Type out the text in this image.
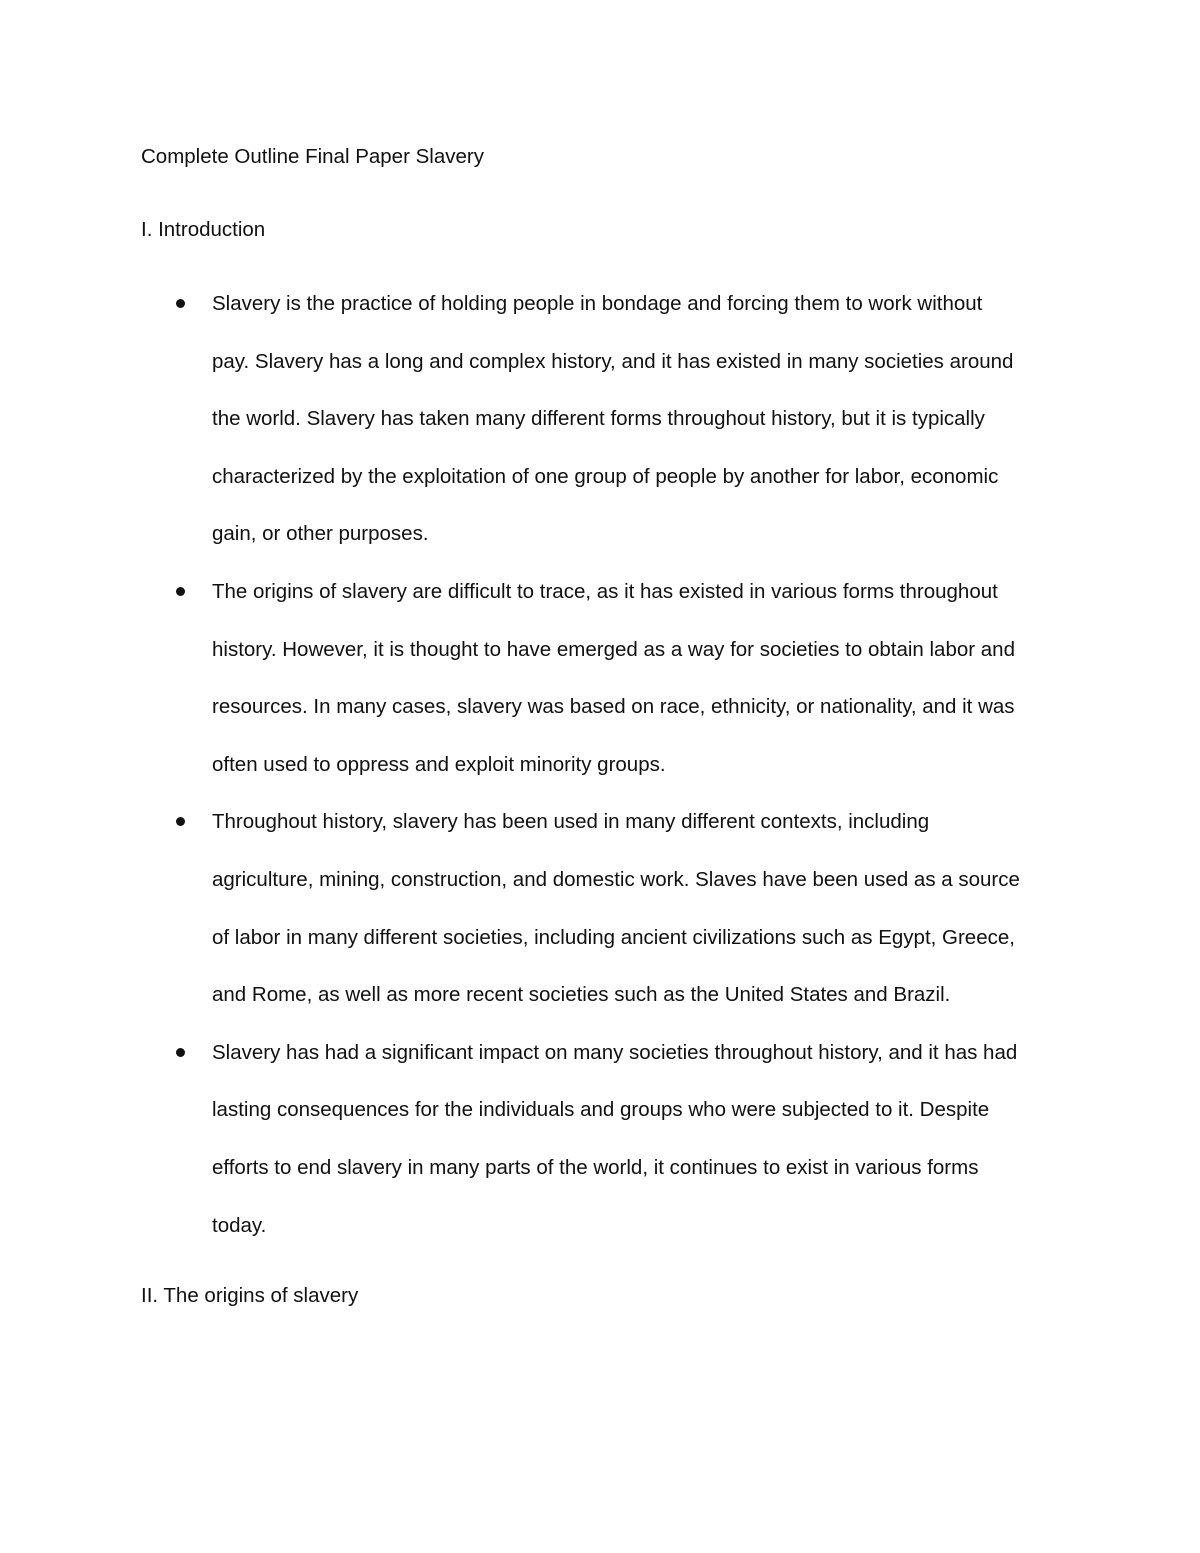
Complete Outline Final Paper Slavery
I. Introduction
Slavery is the practice of holding people in bondage and forcing them to work without
pay. Slavery has a long and complex history, and it has existed in many societies around
the world. Slavery has taken many different forms throughout history, but it is typically
characterized by the exploitation of one group of people by another for labor, economic
gain, or other purposes.
The origins of slavery are difficult to trace, as it has existed in various forms throughout
history. However, it is thought to have emerged as a way for societies to obtain labor and
resources. In many cases, slavery was based on race, ethnicity, or nationality, and it was
often used to oppress and exploit minority groups.
Throughout history, slavery has been used in many different contexts, including
agriculture, mining, construction, and domestic work. Slaves have been used as a source
of labor in many different societies, including ancient civilizations such as Egypt, Greece,
and Rome, as well as more recent societies such as the United States and Brazil.
Slavery has had a significant impact on many societies throughout history, and it has had
lasting consequences for the individuals and groups who were subjected to it. Despite
efforts to end slavery in many parts of the world, it continues to exist in various forms
today.
II. The origins of slavery
